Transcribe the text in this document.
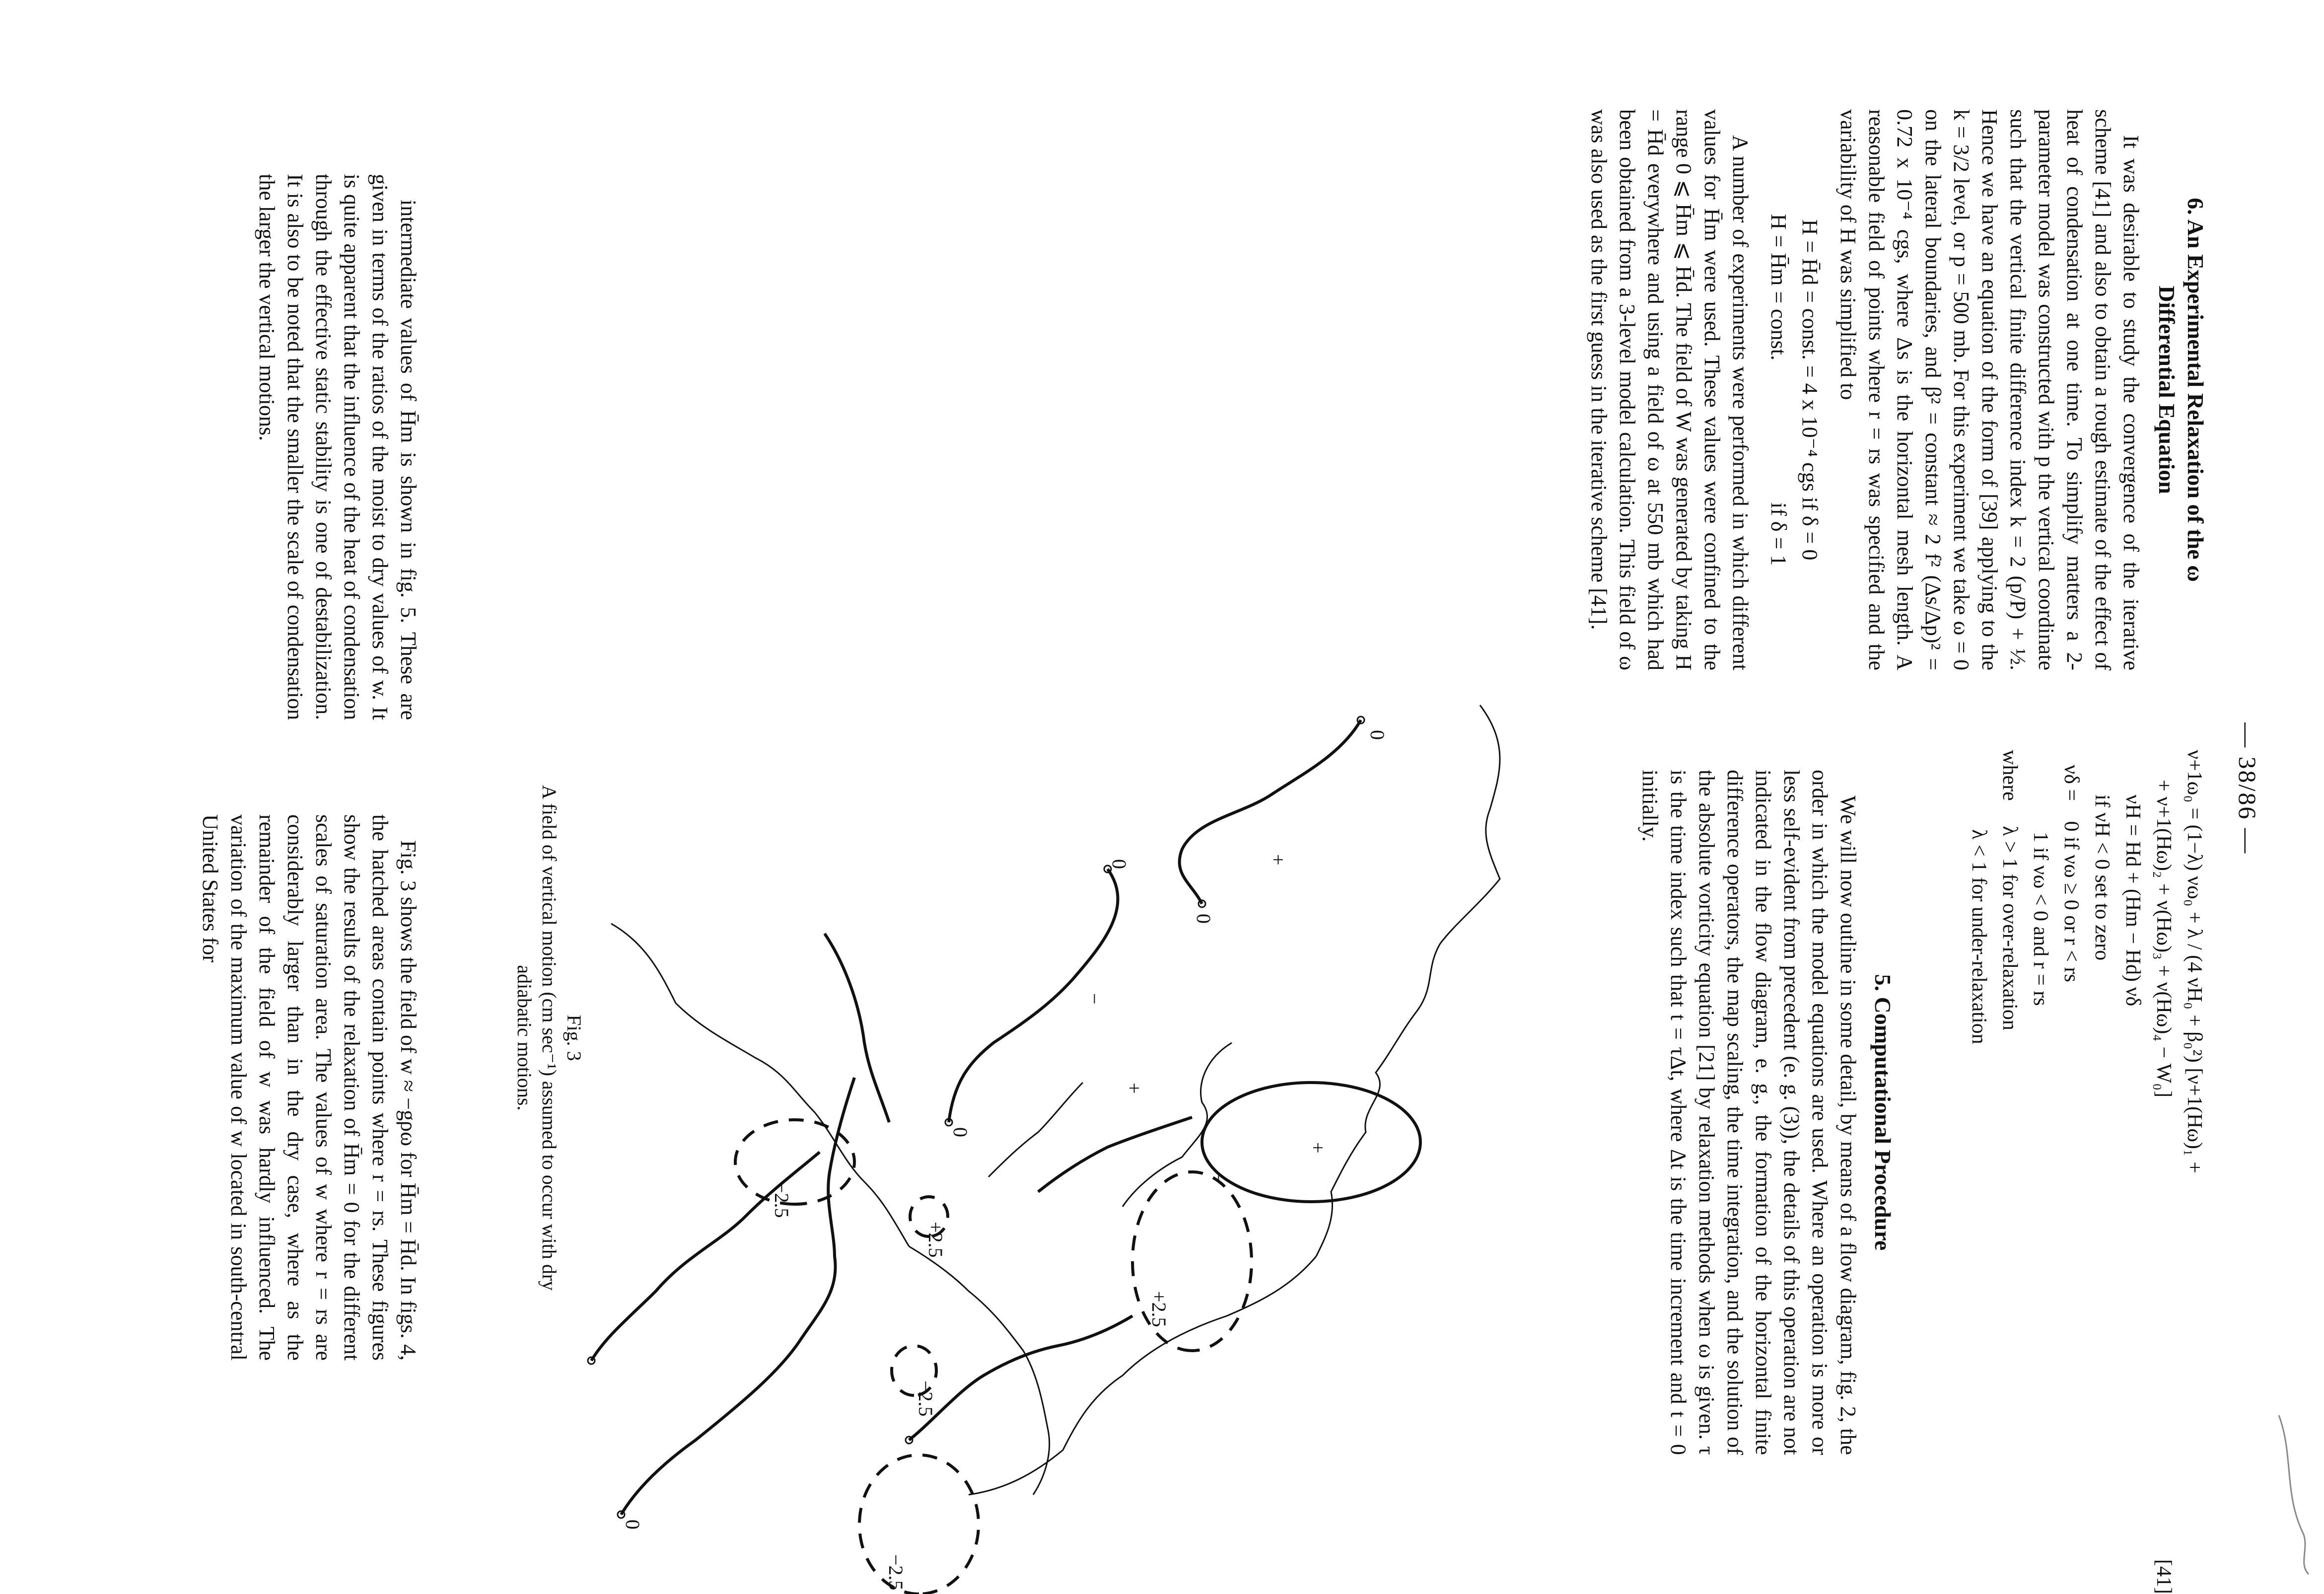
— 38/86 —
6. An Experimental Relaxation of the ω
Differential Equation

It was desirable to study the convergence of the iterative scheme [41] and also to obtain a rough estimate of the effect of heat of condensation at one time. To simplify matters a 2-parameter model was constructed with p the vertical coordinate such that the vertical finite difference index k = 2 (p/P) + ½. Hence we have an equation of the form of [39] applying to the k = 3/2 level, or p = 500 mb. For this experiment we take ω = 0 on the lateral boundaries, and β² = constant ≈ 2 f² (Δs/Δp)² = 0.72 x 10⁻⁴ cgs, where Δs is the horizontal mesh length. A reasonable field of points where r = rs was specified and the variability of H was simplified to

H = H̄d = const. = 4 x 10⁻⁴ cgs if δ = 0
H = H̄m = const.                          if δ = 1

A number of experiments were performed in which different values for H̄m were used. These values were confined to the range 0 ⩽ H̄m ⩽ H̄d. The field of W was generated by taking H = H̄d everywhere and using a field of ω at 550 mb which had been obtained from a 3-level model calculation. This field of ω was also used as the first guess in the iterative scheme [41].

ν+1ω₀ = (1−λ) νω₀ + λ / (4 νH₀ + β₀²) [ν+1(Hω)₁ +
+ ν+1(Hω)₂ + ν(Hω)₃ + ν(Hω)₄ − W₀]
νH = Hd + (Hm − Hd) νδ
if νH < 0 set to zero
[41]
νδ = 0 if νω ≥ 0 or r < rs
1 if νω < 0 and r = rs
where λ > 1 for over-relaxation
λ < 1 for under-relaxation
5. Computational Procedure

We will now outline in some detail, by means of a flow diagram, fig. 2, the order in which the model equations are used. Where an operation is more or less self-evident from precedent (e. g. (3)), the details of this operation are not indicated in the flow diagram, e. g., the formation of the horizontal finite difference operators, the map scaling, the time integration, and the solution of the absolute vorticity equation [21] by relaxation methods when ω is given. τ is the time index such that t = τΔt, where Δt is the time increment and t = 0 initially.

0
0
0
0
0
+
+
+
−
−
−2.5
+2.5
+2.5
−2.5
−2.5
Fig. 3
A field of vertical motion (cm sec⁻¹) assumed to occur with dry adiabatic motions.

intermediate values of H̄m is shown in fig. 5. These are given in terms of the ratios of the moist to dry values of w. It is quite apparent that the influence of the heat of condensation through the effective static stability is one of destabilization. It is also to be noted that the smaller the scale of condensation the larger the vertical motions.

Fig. 3 shows the field of w ≈ −gρω for H̄m = H̄d. In figs. 4, the hatched areas contain points where r = rs. These figures show the results of the relaxation of H̄m = 0 for the different scales of saturation area. The values of w where r = rs are considerably larger than in the dry case, where as the remainder of the field of w was hardly influenced. The variation of the maximum value of w located in south-central United States for
